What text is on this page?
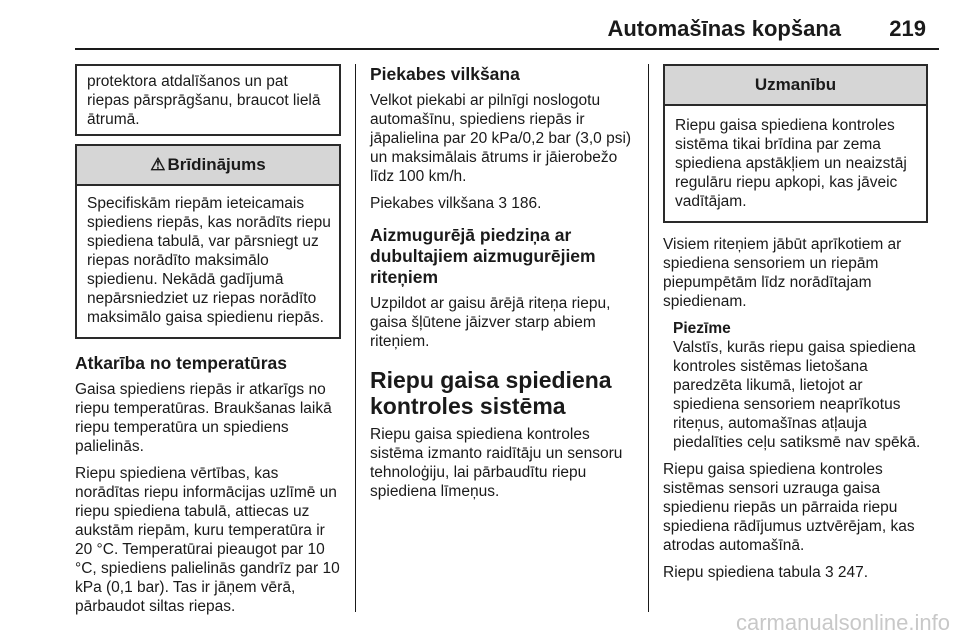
Automašīnas kopšana	219
protektora atdalīšanos un pat riepas pārsprāgšanu, braucot lielā ātrumā.
⚠ Brīdinājums
Specifiskām riepām ieteicamais spiediens riepās, kas norādīts riepu spiediena tabulā, var pārsniegt uz riepas norādīto maksimālo spiedienu. Nekādā gadījumā nepārsniedziet uz riepas norādīto maksimālo gaisa spiedienu riepās.
Atkarība no temperatūras

Gaisa spiediens riepās ir atkarīgs no riepu temperatūras. Braukšanas laikā riepu temperatūra un spiediens palielinās.

Riepu spiediena vērtības, kas norādītas riepu informācijas uzlīmē un riepu spiediena tabulā, attiecas uz aukstām riepām, kuru temperatūra ir 20 °C. Temperatūrai pieaugot par 10 °C, spiediens palielinās gandrīz par 10 kPa (0,1 bar). Tas ir jāņem vērā, pārbaudot siltas riepas.

Piekabes vilkšana

Velkot piekabi ar pilnīgi noslogotu automašīnu, spiediens riepās ir jāpalielina par 20 kPa/0,2 bar (3,0 psi) un maksimālais ātrums ir jāierobežo līdz 100 km/h.

Piekabes vilkšana 3 186.

Aizmugurējā piedziņa ar dubultajiem aizmugurējiem riteņiem

Uzpildot ar gaisu ārējā riteņa riepu, gaisa šļūtene jāizver starp abiem riteņiem.

Riepu gaisa spiediena kontroles sistēma

Riepu gaisa spiediena kontroles sistēma izmanto raidītāju un sensoru tehnoloģiju, lai pārbaudītu riepu spiediena līmeņus.

Uzmanību
Riepu gaisa spiediena kontroles sistēma tikai brīdina par zema spiediena apstākļiem un neaizstāj regulāru riepu apkopi, kas jāveic vadītājam.

Visiem riteņiem jābūt aprīkotiem ar spiediena sensoriem un riepām piepumpētām līdz norādītajam spiedienam.

Piezīme
Valstīs, kurās riepu gaisa spiediena kontroles sistēmas lietošana paredzēta likumā, lietojot ar spiediena sensoriem neaprīkotus riteņus, automašīnas atļauja piedalīties ceļu satiksmē nav spēkā.

Riepu gaisa spiediena kontroles sistēmas sensori uzrauga gaisa spiedienu riepās un pārraida riepu spiediena rādījumus uztvērējam, kas atrodas automašīnā.

Riepu spiediena tabula 3 247.

carmanualsonline.info
